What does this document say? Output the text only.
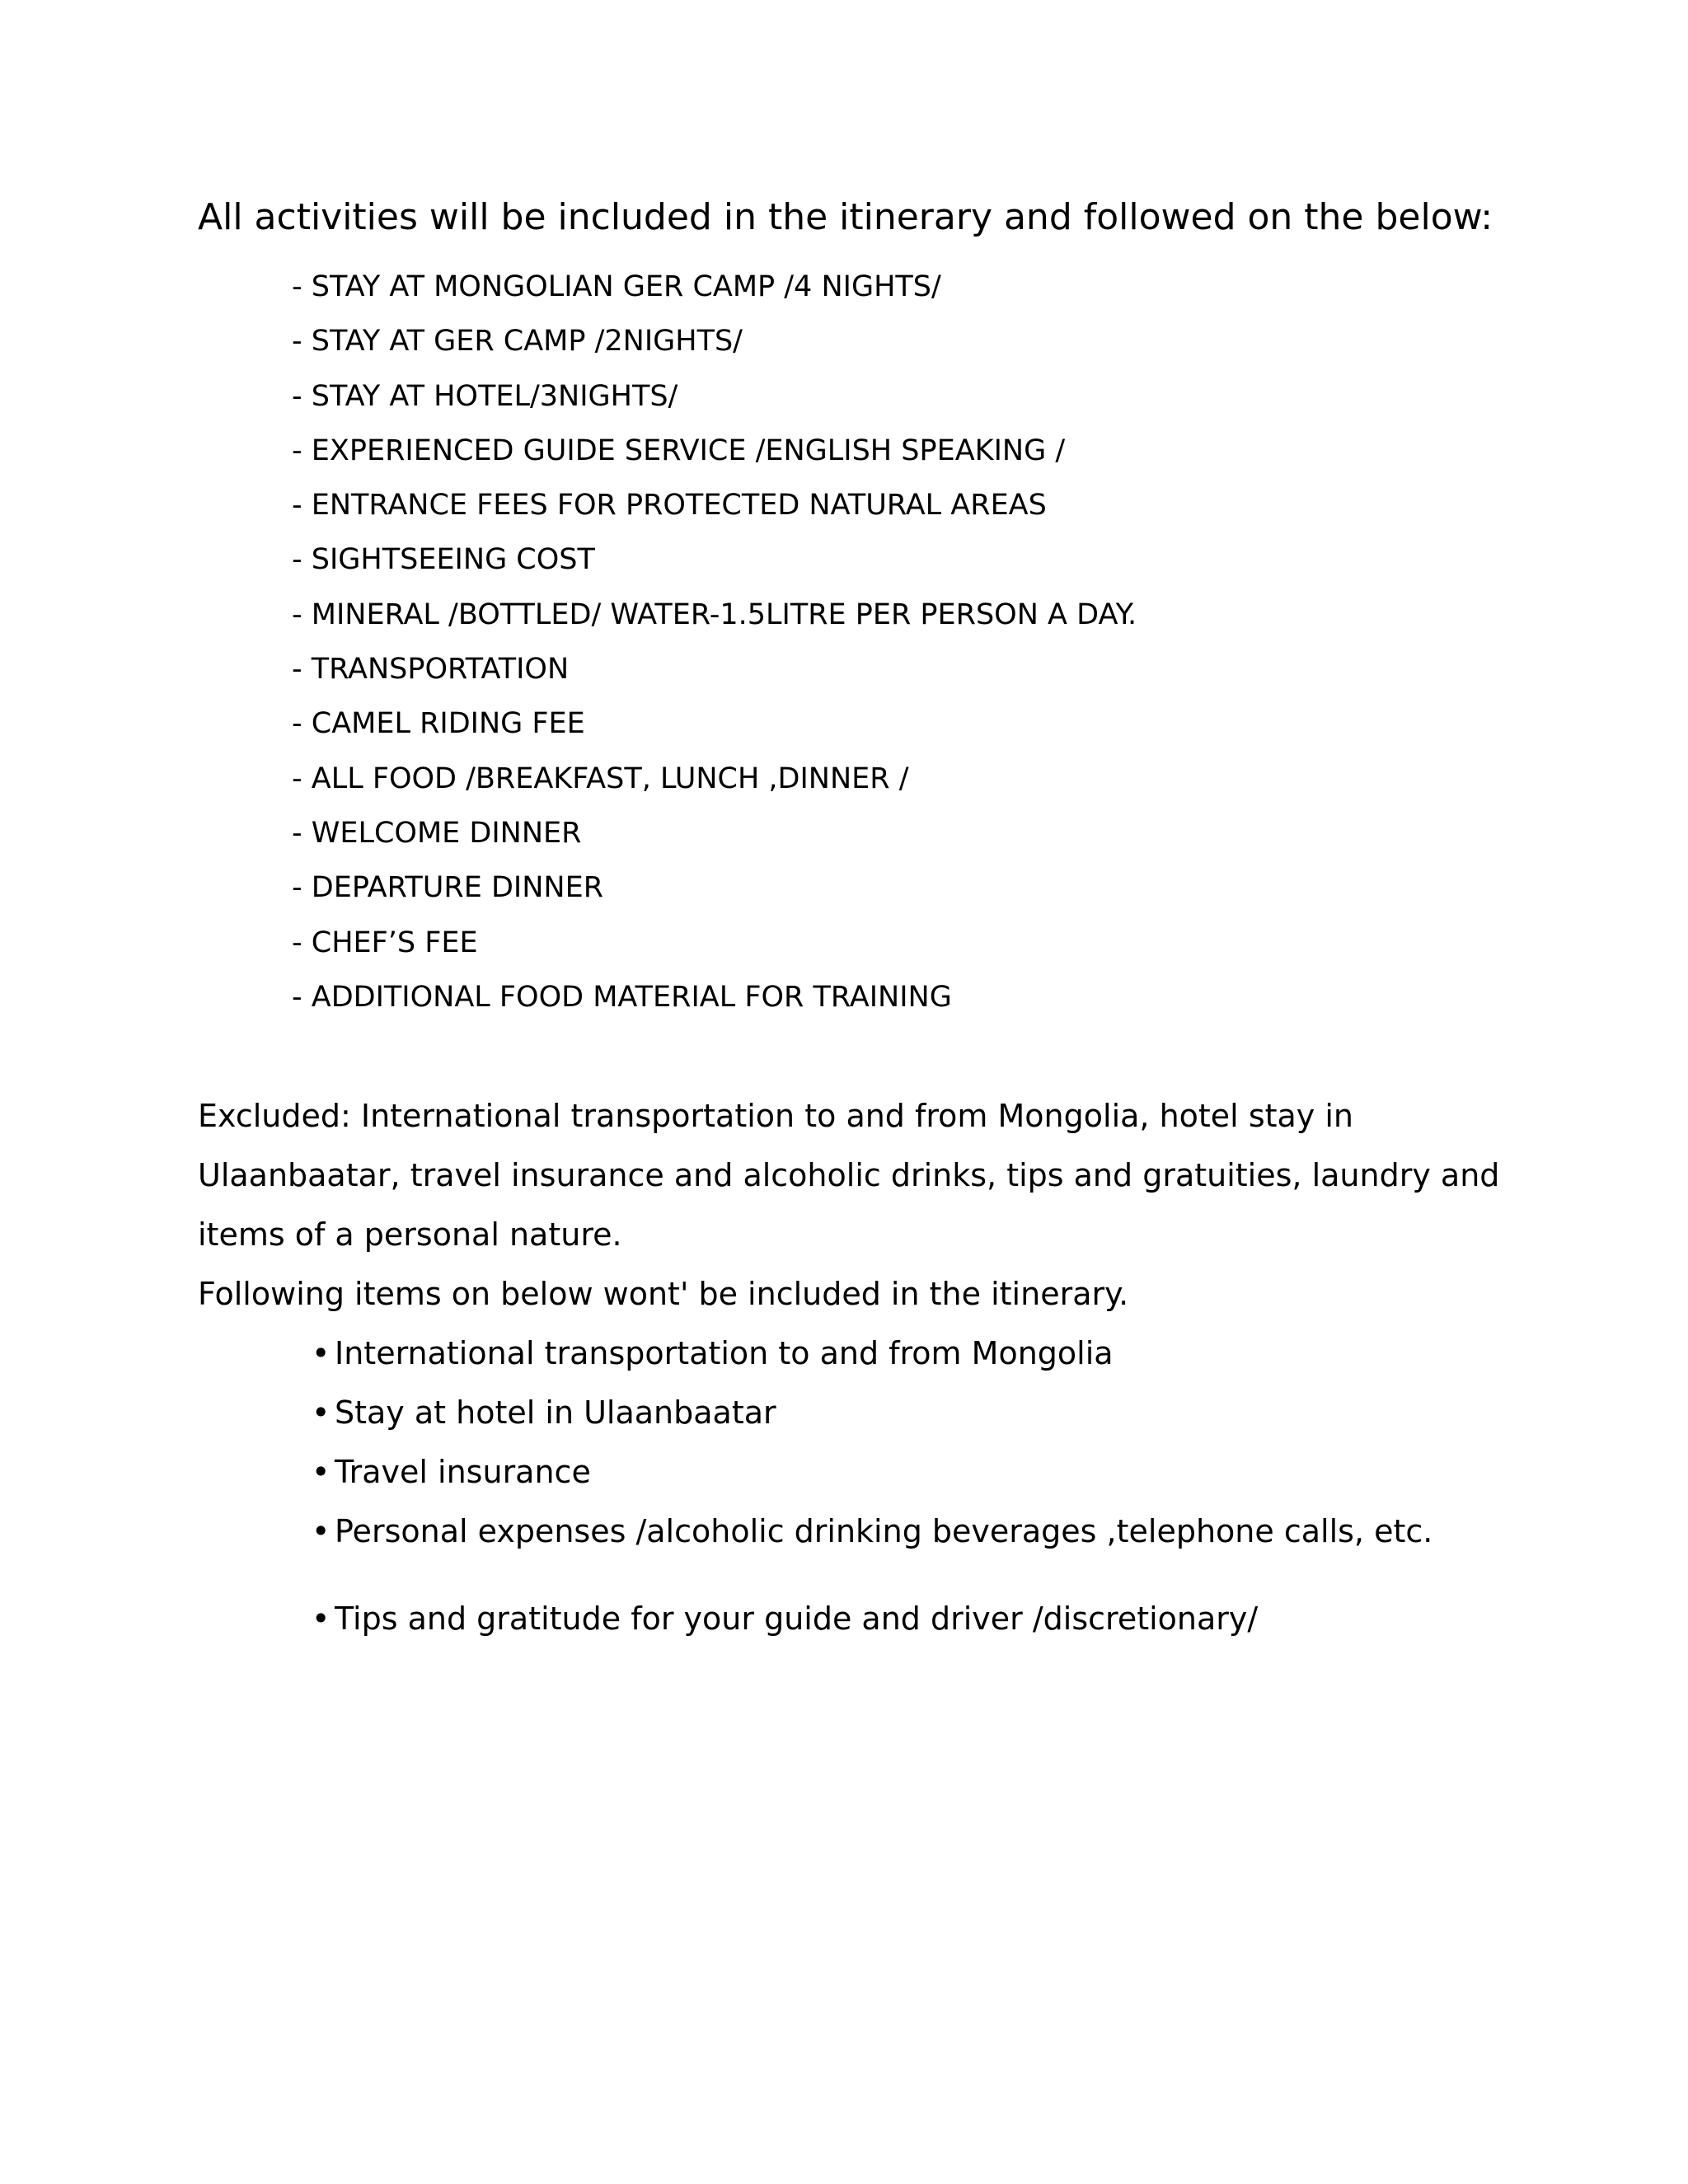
All activities will be included in the itinerary and followed on the below:
- STAY AT MONGOLIAN GER CAMP /4 NIGHTS/
- STAY AT GER CAMP /2NIGHTS/
- STAY AT HOTEL/3NIGHTS/
- EXPERIENCED GUIDE SERVICE /ENGLISH SPEAKING /
- ENTRANCE FEES FOR PROTECTED NATURAL AREAS
- SIGHTSEEING COST
- MINERAL /BOTTLED/ WATER-1.5LITRE PER PERSON A DAY.
- TRANSPORTATION
- CAMEL RIDING FEE
- ALL FOOD /BREAKFAST, LUNCH ,DINNER /
- WELCOME DINNER
- DEPARTURE DINNER
- CHEF’S FEE
- ADDITIONAL FOOD MATERIAL FOR TRAINING

Excluded: International transportation to and from Mongolia, hotel stay in Ulaanbaatar, travel insurance and alcoholic drinks, tips and gratuities, laundry and items of a personal nature.

Following items on below wont' be included in the itinerary.

• International transportation to and from Mongolia
• Stay at hotel in Ulaanbaatar
• Travel insurance
• Personal expenses /alcoholic drinking beverages ,telephone calls, etc.
• Tips and gratitude for your guide and driver /discretionary/
